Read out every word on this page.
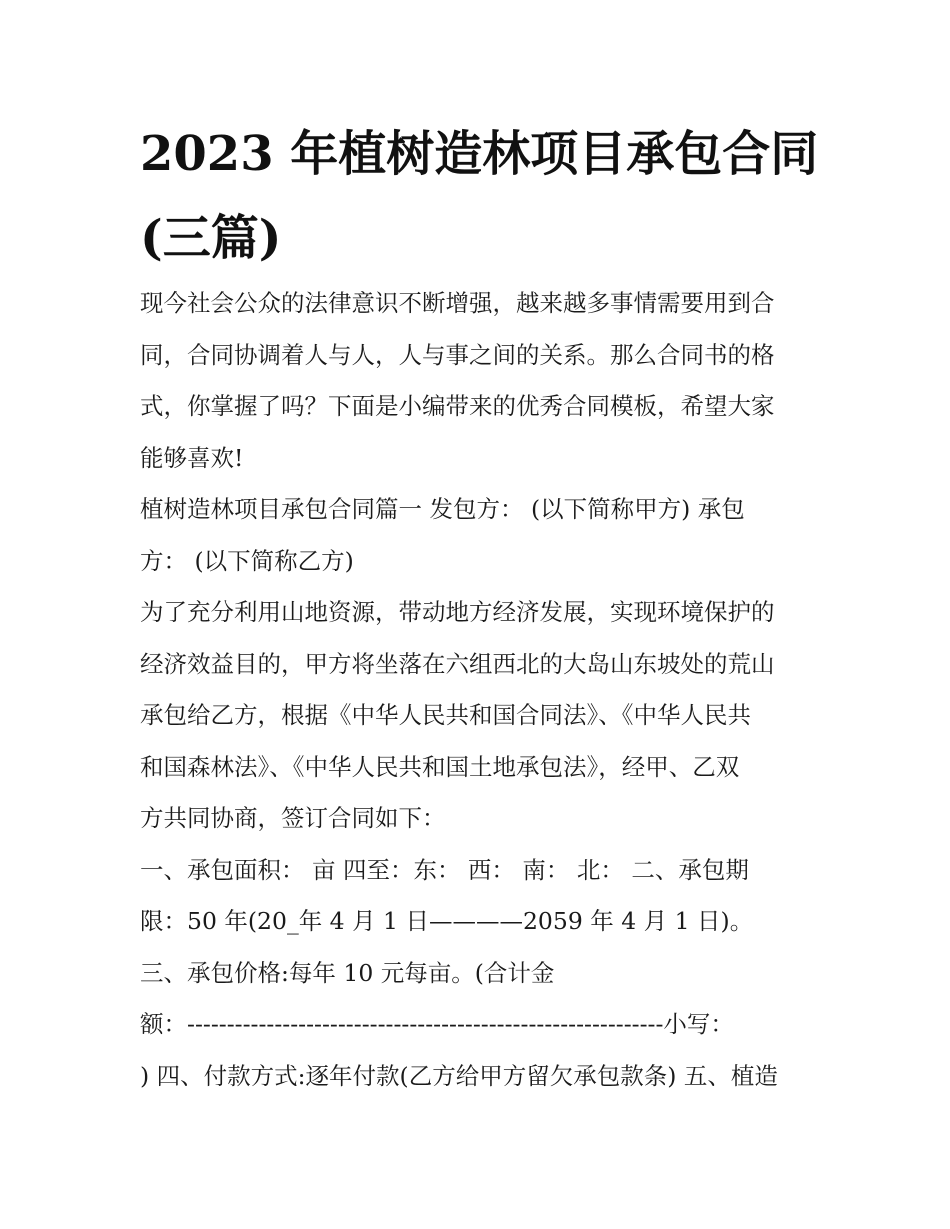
2023 年植树造林项目承包合同
(三篇)
现今社会公众的法律意识不断增强，越来越多事情需要用到合
同，合同协调着人与人，人与事之间的关系。那么合同书的格
式，你掌握了吗？下面是小编带来的优秀合同模板，希望大家
能够喜欢!
植树造林项目承包合同篇一 发包方： (以下简称甲方) 承包
方： (以下简称乙方)
为了充分利用山地资源，带动地方经济发展，实现环境保护的
经济效益目的，甲方将坐落在六组西北的大岛山东坡处的荒山
承包给乙方，根据《中华人民共和国合同法》、《中华人民共
和国森林法》、《中华人民共和国土地承包法》，经甲、乙双
方共同协商，签订合同如下：
一、承包面积： 亩 四至：东： 西： 南： 北： 二、承包期
限：50 年(20_年 4 月 1 日————2059 年 4 月 1 日)。
三、承包价格:每年 10 元每亩。(合计金
额：------------------------------------------------------------小写：
) 四、付款方式:逐年付款(乙方给甲方留欠承包款条) 五、植造
